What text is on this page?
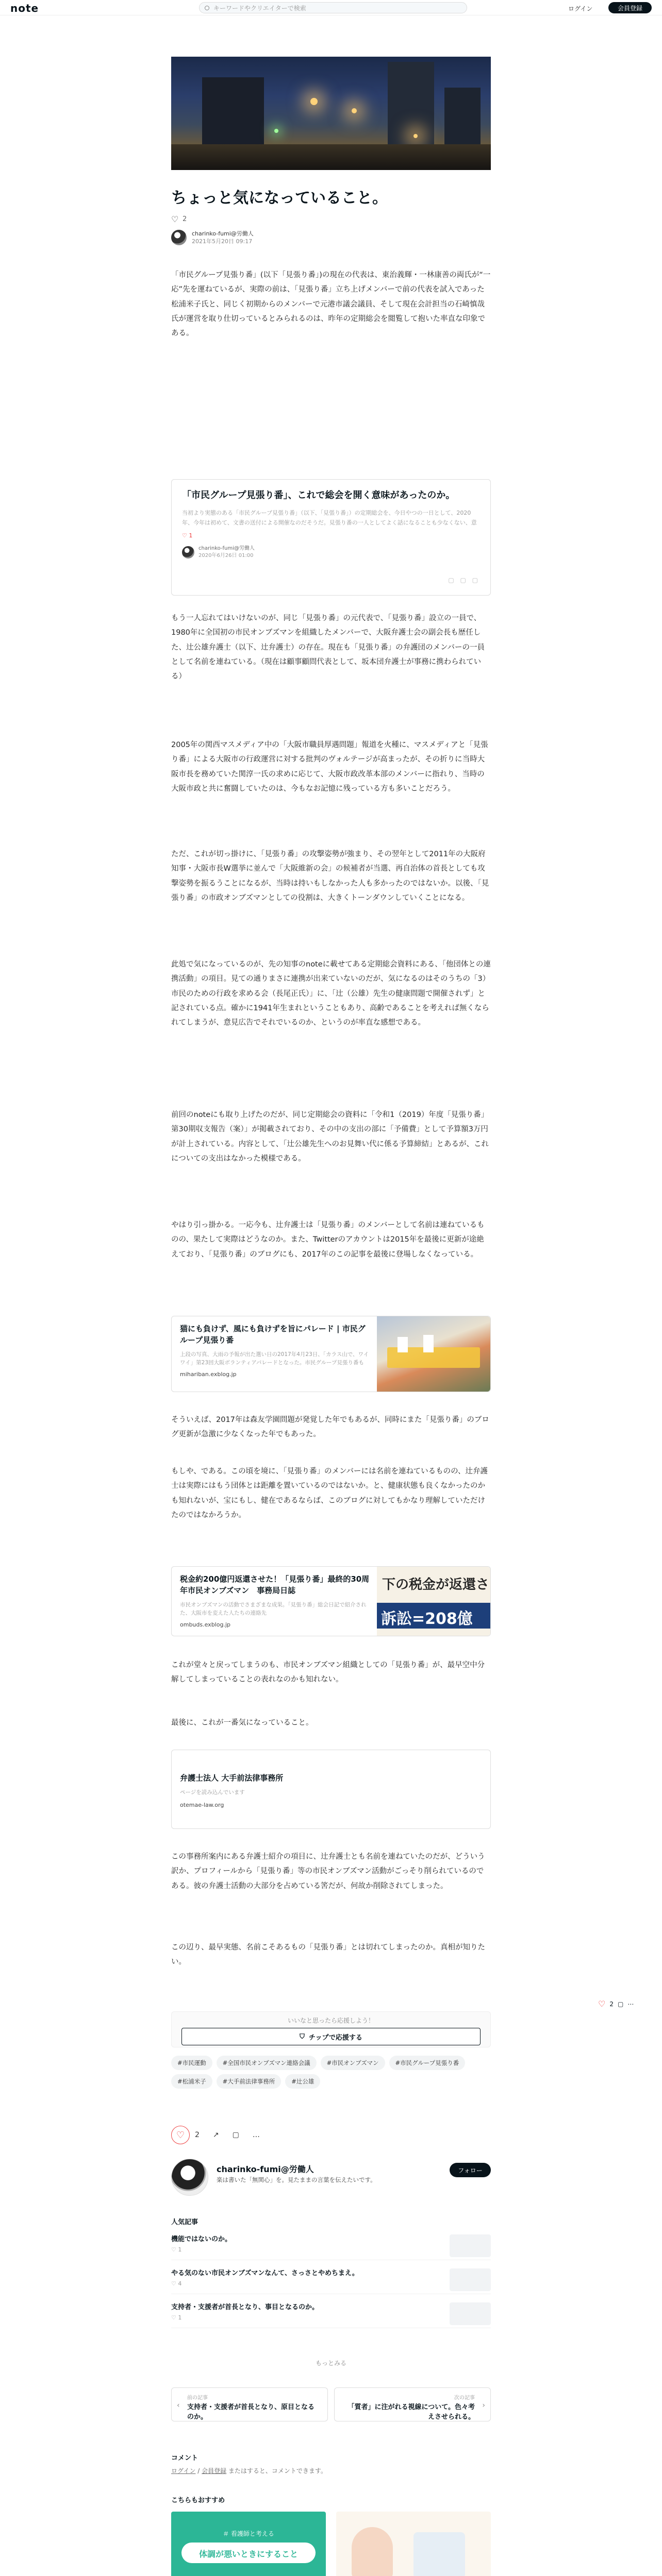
note	キーワードやクリエイターで検索	ログイン	会員登録
ちょっと気になっていること。
♡
2
charinko-fumi@労働人
2021年5月20日 09:17
「市民グループ見張り番」(以下「見張り番」)の現在の代表は、東治義輝・一林康善の両氏が“一応”先を運ねているが、実際の前は、「見張り番」立ち上げメンバーで前の代表を試入であった松浦米子氏と、同じく初期からのメンバーで元港市議会議員、そして現在会計担当の石崎慎哉氏が運営を取り仕切っているとみられるのは、昨年の定期総会を閲覧して抱いた率直な印象である。
「市民グループ見張り番」、これで総会を開く意味があったのか。
当初より実態のある「市民グループ見張り番」（以下、「見張り番」）の定期総会を、今日やつの一日として、2020年、今年は初めて、文書の送付による開催なのだそうだ。見張り番の一人としてよく話になることも少なくない、意
♡ 1
charinko-fumi@労働人
2020年6月26日 01:00
▢ ▢ ▢
もう一人忘れてはいけないのが、同じ「見張り番」の元代表で、「見張り番」設立の一員で、1980年に全国初の市民オンブズマンを組織したメンバーで、大阪弁護士会の副会長も歴任した、辻公雄弁護士（以下、辻弁護士）の存在。現在も「見張り番」の弁護団のメンバーの一員として名前を連ねている。（現在は顧事顧問代表として、坂本団弁護士が事務に携わられている）
2005年の関西マスメディア中の「大阪市職員厚遇問題」報道を火種に、マスメディアと「見張り番」による大阪市の行政運営に対する批判のヴォルテージが高まったが、その折りに当時大阪市長を務めていた関淳一氏の求めに応じて、大阪市政改革本部のメンバーに指れり、当時の大阪市政と共に奮闘していたのは、今もなお記憶に残っている方も多いことだろう。
ただ、これが切っ掛けに、「見張り番」の攻撃姿勢が強まり、その翌年として2011年の大阪府知事・大阪市長W選挙に並んで「大阪維新の会」の候補者が当選、再自治体の首長としても攻撃姿勢を振るうことになるが、当時は持いもしなかった人も多かったのではないか。以後、「見張り番」の市政オンブズマンとしての役割は、大きくトーンダウンしていくことになる。
此処で気になっているのが、先の知事のnoteに載せてある定期総会資料にある、「他団体との連携活動」の項目。見ての通りまさに連携が出来ていないのだが、気になるのはそのうちの「3）市民のための行政を求める会（長尾正氏）」に、「辻（公雄）先生の健康問題で開催されず」と記されている点。確かに1941年生まれということもあり、高齢であることを考えれば無くなられてしまうが、意見広告でそれでいるのか、というのが率直な感想である。
前回のnoteにも取り上げたのだが、同じ定期総会の資料に「令和1（2019）年度「見張り番」第30期収支報告（案）」が掲載されており、その中の支出の部に「予備費」として予算額3万円が計上されている。内容として、「辻公雄先生へのお見舞い代に係る予算締結」とあるが、これについての支出はなかった模様である。
やはり引っ掛かる。一応今も、辻弁護士は「見張り番」のメンバーとして名前は連ねているものの、果たして実際はどうなのか。また、Twitterのアカウントは2015年を最後に更新が途絶えており、「見張り番」のブログにも、2017年のこの記事を最後に登場しなくなっている。
猫にも負けず、風にも負けずを旨にパレード | 市民グループ見張り番
上段の写真、大雨の予報が出た選い日の2017年4月23日、「カラス山で、ワイワイ」第23回大阪ボランティアパレードとなった。市民グループ見張り番も
mihariban.exblog.jp
そういえば、2017年は森友学園問題が発覚した年でもあるが、同時にまた「見張り番」のブログ更新が急激に少なくなった年でもあった。
もしや、である。この頃を境に、「見張り番」のメンバーには名前を連ねているものの、辻弁護士は実際にはもう団体とは距離を置いているのではないか。と、健康状態も良くなかったのかも知れないが、宝にもし、健在であるならば、このブログに対してもかなり理解していただけたのではなかろうか。
税金約200億円返還させた！「見張り番」最終的30周年市民オンブズマン　事務局日誌
市民オンブズマンの活動でさまざまな成果。「見張り番」総会日記で紹介された、大阪市を変えた人たちの連絡先
ombuds.exblog.jp
下の税金が返還さ
訴訟=208億
これが堂々と戻ってしまうのも、市民オンブズマン組織としての「見張り番」が、最早空中分解してしまっていることの表れなのかも知れない。
最後に、これが一番気になっていること。
弁護士法人 大手前法律事務所
ページを読み込んでいます
otemae-law.org
この事務所案内にある弁護士紹介の項目に、辻弁護士とも名前を連ねていたのだが、どういう訳か、プロフィールから「見張り番」等の市民オンブズマン活動がごっそり削られているのである。彼の弁護士活動の大部分を占めている筈だが、何故か削除されてしまった。
この辺り、最早実態、名前こそあるもの「見張り番」とは切れてしまったのか。真相が知りたい。
♡ 2 ▢ ⋯
いいなと思ったら応援しよう！
⛉ チップで応援する
#市民運動	#全国市民オンブズマン連絡会議	#市民オンブズマン	#市民グループ見張り番
#松浦米子	#大手前法律事務所	#辻公雄
♡	2 ↗ ▢ …
charinko-fumi@労働人
楽は書いた「無関心」を。見たままの言葉を伝えたいです。
フォロー
人気記事
機能ではないのか。
♡ 1
やる気のない市民オンブズマンなんて、さっさとやめちまえ。
♡ 4
支持者・支援者が首長となり、事目となるのか。
♡ 1
もっとみる
‹
前の記事
支持者・支援者が首長となり、原目となるのか。
›
次の記事
「質者」に注がれる視線について。色々考えさせられる。
コメント
ログイン / 会員登録 またはすると、コメントできます。
こちらもおすすめ
＃ 看護師と考える
体調が悪いときにすること
